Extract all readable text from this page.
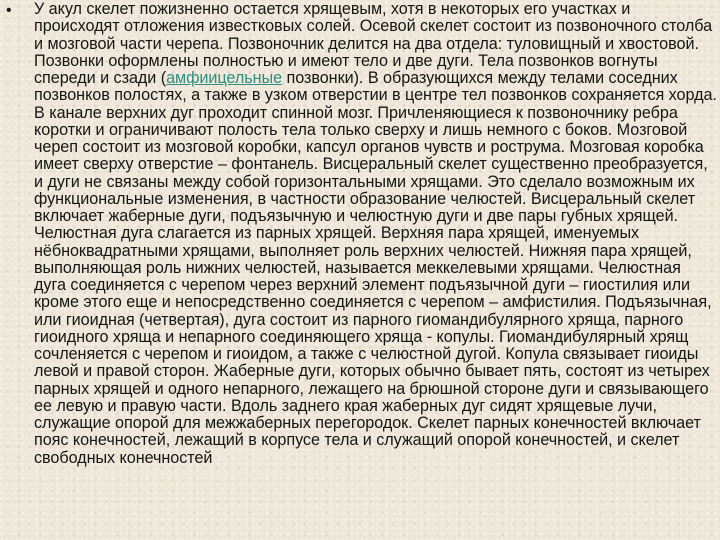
• У акул скелет пожизненно остается хрящевым, хотя в некоторых его участках и происходят отложения известковых солей. Осевой скелет состоит из позвоночного столба и мозговой части черепа. Позвоночник делится на два отдела: туловищный и хвостовой. Позвонки оформлены полностью и имеют тело и две дуги. Тела позвонков вогнуты спереди и сзади (амфиицельные позвонки). В образующихся между телами соседних позвонков полостях, а также в узком отверстии в центре тел позвонков сохраняется хорда. В канале верхних дуг проходит спинной мозг. Причленяющиеся к позвоночнику ребра коротки и ограничивают полость тела только сверху и лишь немного с боков. Мозговой череп состоит из мозговой коробки, капсул органов чувств и рострума. Мозговая коробка имеет сверху отверстие – фонтанель. Висцеральный скелет существенно преобразуется, и дуги не связаны между собой горизонтальными хрящами. Это сделало возможным их функциональные изменения, в частности образование челюстей. Висцеральный скелет включает жаберные дуги, подъязычную и челюстную дуги и две пары губных хрящей. Челюстная дуга слагается из парных хрящей. Верхняя пара хрящей, именуемых нёбноквадратными хрящами, выполняет роль верхних челюстей. Нижняя пара хрящей, выполняющая роль нижних челюстей, называется меккелевыми хрящами. Челюстная дуга соединяется с черепом через верхний элемент подъязычной дуги – гиостилия или кроме этого еще и непосредственно соединяется с черепом – амфистилия. Подъязычная, или гиоидная (четвертая), дуга состоит из парного гиомандибулярного хряща, парного гиоидного хряща и непарного соединяющего хряща - копулы. Гиомандибулярный хрящ сочленяется с черепом и гиоидом, а также с челюстной дугой. Копула связывает гиоиды левой и правой сторон. Жаберные дуги, которых обычно бывает пять, состоят из четырех парных хрящей и одного непарного, лежащего на брюшной стороне дуги и связывающего ее левую и правую части. Вдоль заднего края жаберных дуг сидят хрящевые лучи, служащие опорой для межжаберных перегородок. Скелет парных конечностей включает пояс конечностей, лежащий в корпусе тела и служащий опорой конечностей, и скелет свободных конечностей
